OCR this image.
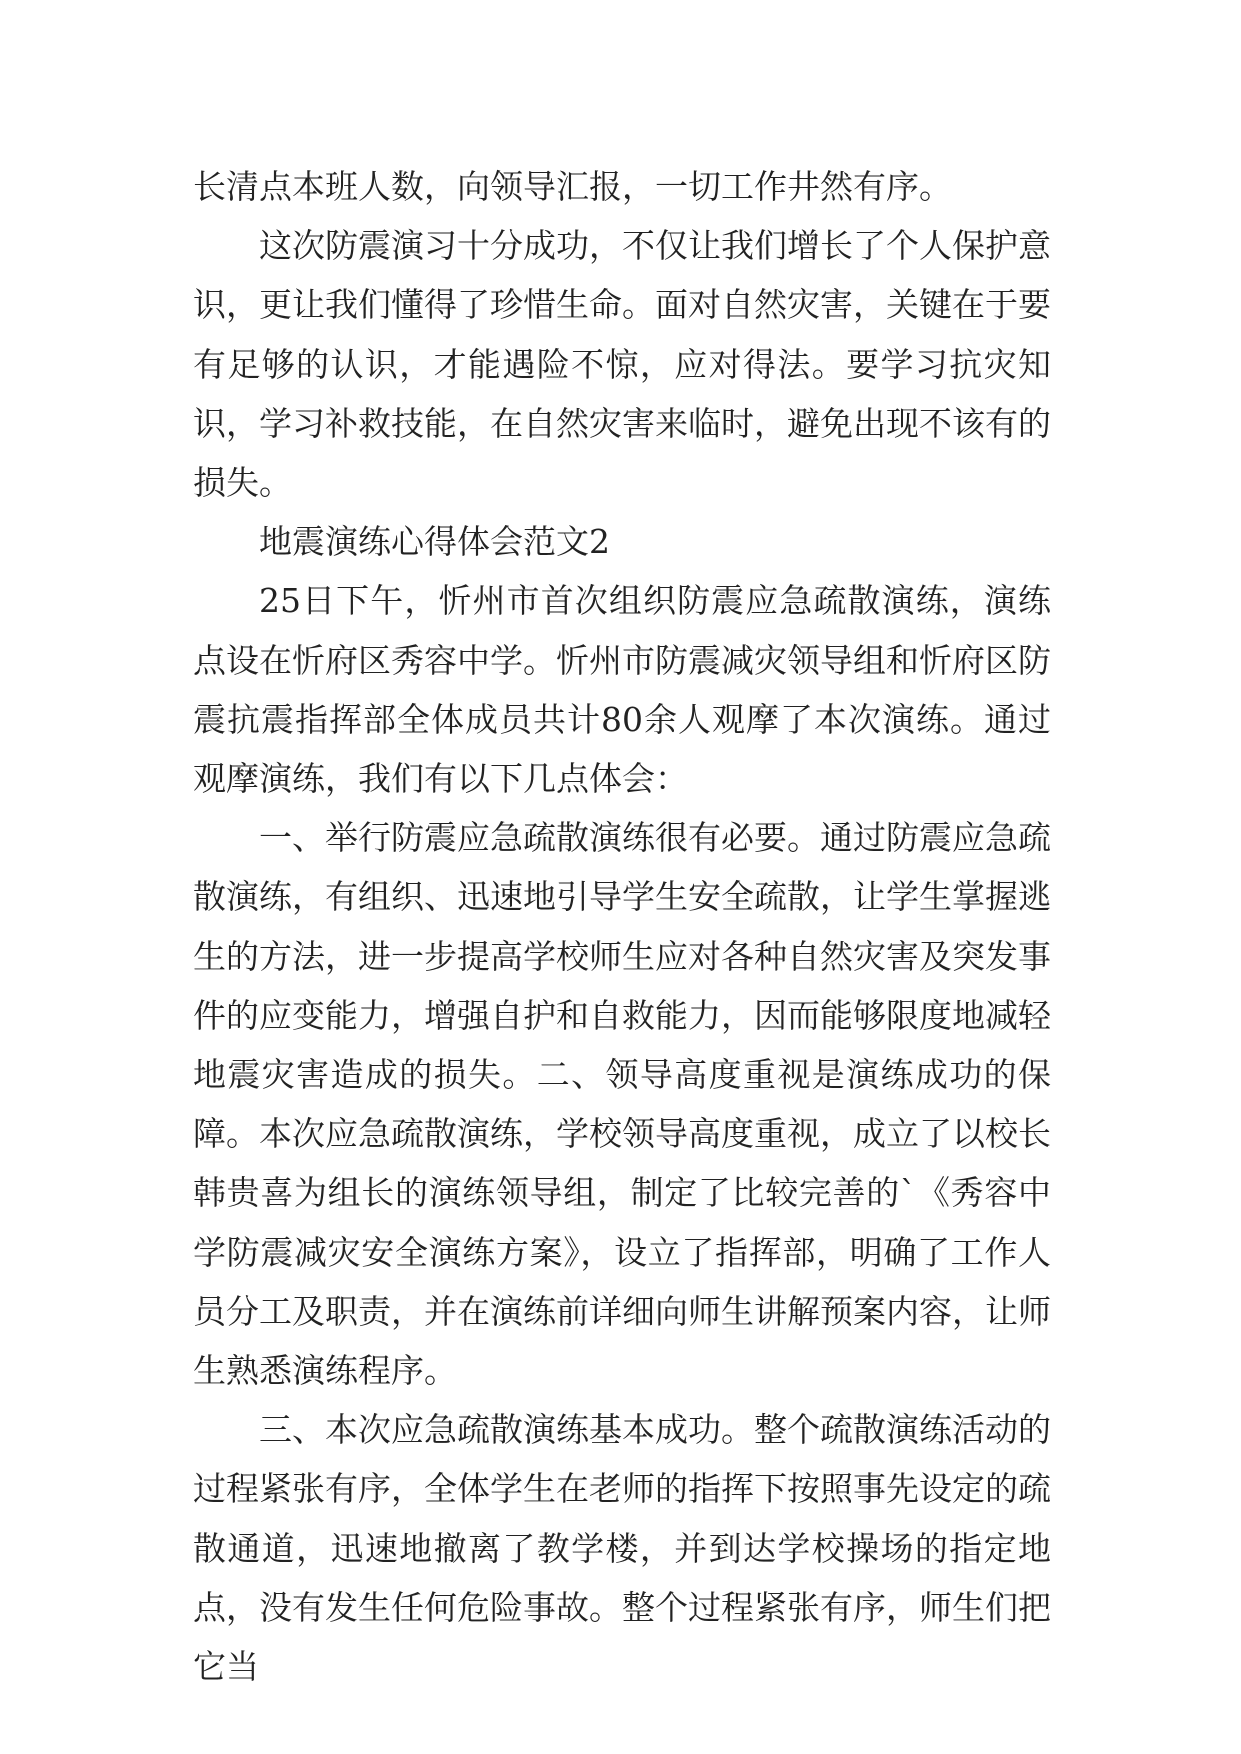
长清点本班人数，向领导汇报，一切工作井然有序。

这次防震演习十分成功，不仅让我们增长了个人保护意识，更让我们懂得了珍惜生命。面对自然灾害，关键在于要有足够的认识，才能遇险不惊，应对得法。要学习抗灾知识，学习补救技能，在自然灾害来临时，避免出现不该有的损失。

地震演练心得体会范文2

25日下午，忻州市首次组织防震应急疏散演练，演练点设在忻府区秀容中学。忻州市防震减灾领导组和忻府区防震抗震指挥部全体成员共计80余人观摩了本次演练。通过观摩演练，我们有以下几点体会：

一、举行防震应急疏散演练很有必要。通过防震应急疏散演练，有组织、迅速地引导学生安全疏散，让学生掌握逃生的方法，进一步提高学校师生应对各种自然灾害及突发事件的应变能力，增强自护和自救能力，因而能够限度地减轻地震灾害造成的损失。二、领导高度重视是演练成功的保障。本次应急疏散演练，学校领导高度重视，成立了以校长韩贵喜为组长的演练领导组，制定了比较完善的`《秀容中学防震减灾安全演练方案》，设立了指挥部，明确了工作人员分工及职责，并在演练前详细向师生讲解预案内容，让师生熟悉演练程序。

三、本次应急疏散演练基本成功。整个疏散演练活动的过程紧张有序，全体学生在老师的指挥下按照事先设定的疏散通道，迅速地撤离了教学楼，并到达学校操场的指定地点，没有发生任何危险事故。整个过程紧张有序，师生们把它当
